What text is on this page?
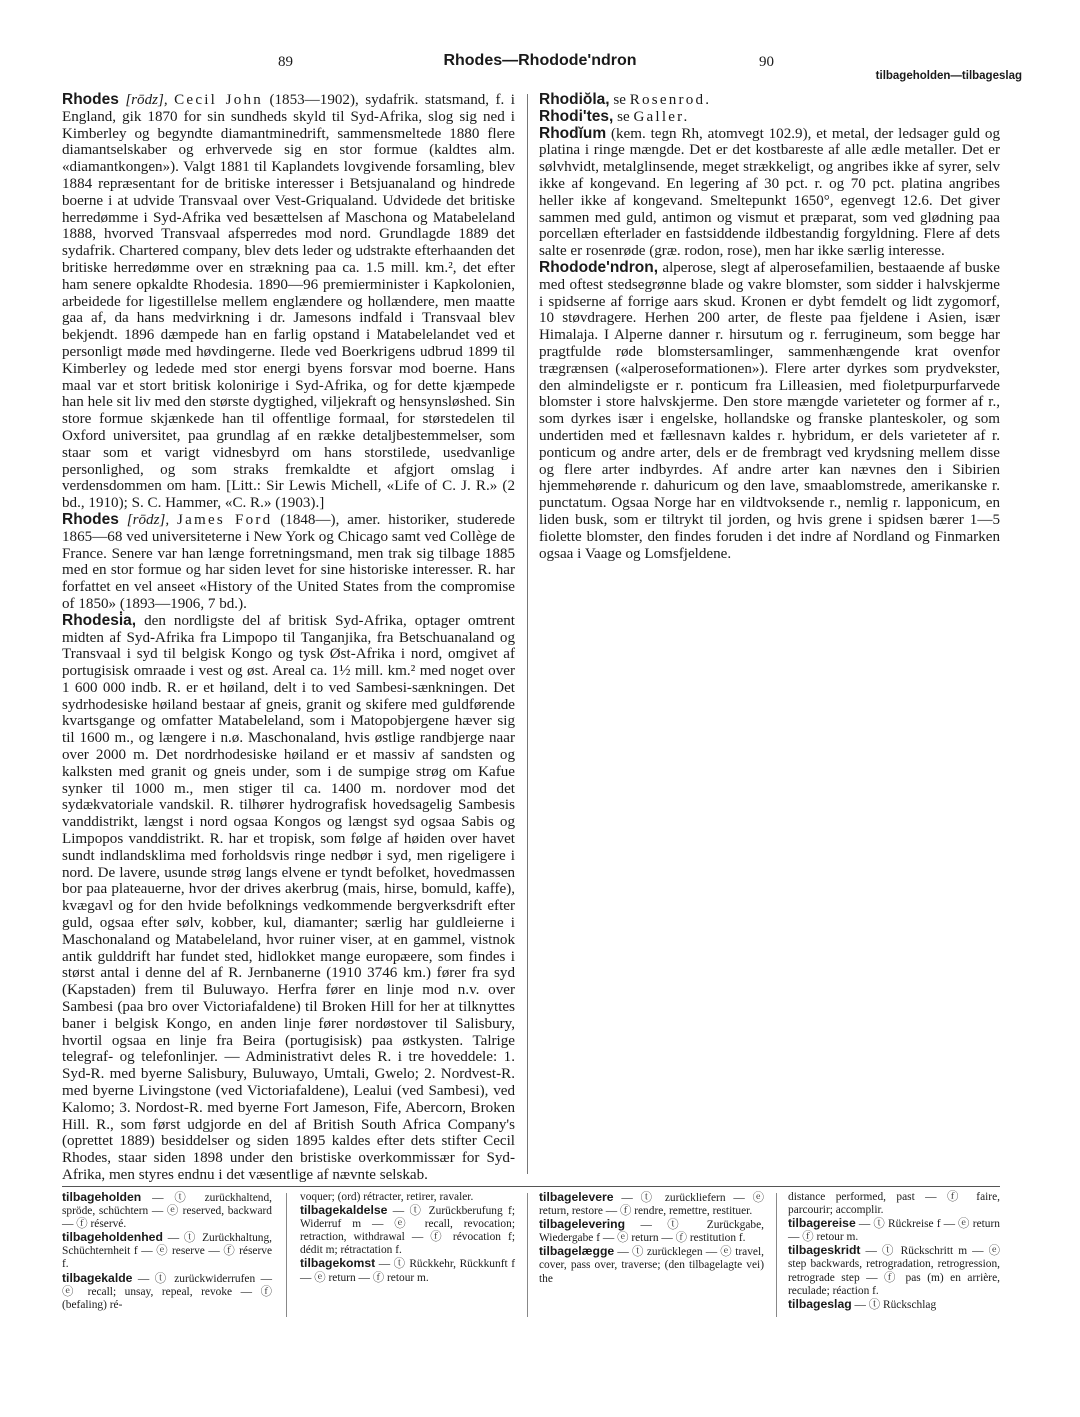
89	Rhodes—Rhodode'ndron	90
tilbageholden—tilbageslag

Rhodes [rōdz], Cecil John (1853—1902), sydafrik. statsmand, f. i England, gik 1870 for sin sundheds skyld til Syd-Afrika, slog sig ned i Kimberley og begyndte diamantminedrift, sammensmeltede 1880 flere diamantselskaber og erhvervede sig en stor formue (kaldtes alm. «diamantkongen»). Valgt 1881 til Kaplandets lovgivende forsamling, blev 1884 repræsentant for de britiske interesser i Betsjuanaland og hindrede boerne i at udvide Transvaal over Vest-Griqualand. Udvidede det britiske herredømme i Syd-Afrika ved besættelsen af Maschona og Matabeleland 1888, hvorved Transvaal afsperredes mod nord. Grundlagde 1889 det sydafrik. Chartered company, blev dets leder og udstrakte efterhaanden det britiske herredømme over en strækning paa ca. 1.5 mill. km.², det efter ham senere opkaldte Rhodesia. 1890—96 premierminister i Kapkolonien, arbeidede for ligestillelse mellem englændere og hollændere, men maatte gaa af, da hans medvirkning i dr. Jamesons indfald i Transvaal blev bekjendt. 1896 dæmpede han en farlig opstand i Matabelelandet ved et personligt møde med høvdingerne. Ilede ved Boerkrigens udbrud 1899 til Kimberley og ledede med stor energi byens forsvar mod boerne. Hans maal var et stort britisk kolonirige i Syd-Afrika, og for dette kjæmpede han hele sit liv med den største dygtighed, viljekraft og hensynsløshed. Sin store formue skjænkede han til offentlige formaal, for størstedelen til Oxford universitet, paa grundlag af en række detaljbestemmelser, som staar som et varigt vidnesbyrd om hans storstilede, usedvanlige personlighed, og som straks fremkaldte et afgjort omslag i verdensdommen om ham. [Litt.: Sir Lewis Michell, «Life of C. J. R.» (2 bd., 1910); S. C. Hammer, «C. R.» (1903).]

Rhodes [rōdz], James Ford (1848—), amer. historiker, studerede 1865—68 ved universiteterne i New York og Chicago samt ved Collège de France. Senere var han længe forretningsmand, men trak sig tilbage 1885 med en stor formue og har siden levet for sine historiske interesser. R. har forfattet en vel anseet «History of the United States from the compromise of 1850» (1893—1906, 7 bd.).

Rhodesi̇a, den nordligste del af britisk Syd-Afrika, optager omtrent midten af Syd-Afrika fra Limpopo til Tanganjika, fra Betschuanaland og Transvaal i syd til belgisk Kongo og tysk Øst-Afrika i nord, omgivet af portugisisk omraade i vest og øst. Areal ca. 1½ mill. km.² med noget over 1 600 000 indb. R. er et høiland, delt i to ved Sambesi-sænkningen. Det sydrhodesiske høiland bestaar af gneis, granit og skifere med guldførende kvartsgange og omfatter Matabeleland, som i Matopobjergene hæver sig til 1600 m., og længere i n.ø. Maschonaland, hvis østlige randbjerge naar over 2000 m. Det nordrhodesiske høiland er et massiv af sandsten og kalksten med granit og gneis under, som i de sumpige strøg om Kafue synker til 1000 m., men stiger til ca. 1400 m. nordover mod det sydækvatoriale vandskil. R. tilhører hydrografisk hovedsagelig Sambesis vanddistrikt, længst i nord ogsaa Kongos og længst syd ogsaa Sabis og Limpopos vanddistrikt. R. har et tropisk, som følge af høiden over havet sundt indlandsklima med forholdsvis ringe nedbør i syd, men rigeligere i nord. De lavere, usunde strøg langs elvene er tyndt befolket, hovedmassen bor paa plateauerne, hvor der drives akerbrug (mais, hirse, bomuld, kaffe), kvægavl og for den hvide befolknings vedkommende bergverksdrift efter guld, ogsaa efter sølv, kobber, kul, diamanter; særlig har guldleierne i Maschonaland og Matabeleland, hvor ruiner viser, at en gammel, vistnok antik gulddrift har fundet sted, hidlokket mange europæere, som findes i størst antal i denne del af R. Jernbanerne (1910 3746 km.) fører fra syd (Kapstaden) frem til Buluwayo. Herfra fører en linje mod n.v. over Sambesi (paa bro over Victoriafaldene) til Broken Hill for her at tilknyttes baner i belgisk Kongo, en anden linje fører nordøstover til Salisbury, hvortil ogsaa en linje fra Beira (portugisisk) paa østkysten. Talrige telegraf- og telefonlinjer. — Administrativt deles R. i tre hoveddele: 1. Syd-R. med byerne Salisbury, Buluwayo, Umtali, Gwelo; 2. Nordvest-R. med byerne Livingstone (ved Victoriafaldene), Lealui (ved Sambesi), ved Kalomo; 3. Nordost-R. med byerne Fort Jameson, Fife, Abercorn, Broken Hill. R., som først udgjorde en del af British South Africa Company's (oprettet 1889) besiddelser og siden 1895 kaldes efter dets stifter Cecil Rhodes, staar siden 1898 under den bristiske overkommissær for Syd-Afrika, men styres endnu i det væsentlige af nævnte selskab.

Rhodiŏla, se Rosenrod.

Rhodi'tes, se Galler.

Rhodĭum (kem. tegn Rh, atomvegt 102.9), et metal, der ledsager guld og platina i ringe mængde. Det er det kostbareste af alle ædle metaller. Det er sølvhvidt, metalglinsende, meget strækkeligt, og angribes ikke af syrer, selv ikke af kongevand. En legering af 30 pct. r. og 70 pct. platina angribes heller ikke af kongevand. Smeltepunkt 1650°, egenvegt 12.6. Det giver sammen med guld, antimon og vismut et præparat, som ved glødning paa porcellæn efterlader en fastsiddende ildbestandig forgyldning. Flere af dets salte er rosenrøde (græ. rodon, rose), men har ikke særlig interesse.

Rhodode'ndron, alperose, slegt af alperosefamilien, bestaaende af buske med oftest stedsegrønne blade og vakre blomster, som sidder i halvskjerme i spidserne af forrige aars skud. Kronen er dybt femdelt og lidt zygomorf, 10 støvdragere. Herhen 200 arter, de fleste paa fjeldene i Asien, især Himalaja. I Alperne danner r. hirsutum og r. ferrugineum, som begge har pragtfulde røde blomstersamlinger, sammenhængende krat ovenfor trægrænsen («alperoseformationen»). Flere arter dyrkes som prydvekster, den almindeligste er r. ponticum fra Lilleasien, med fioletpurpurfarvede blomster i store halvskjerme. Den store mængde varieteter og former af r., som dyrkes især i engelske, hollandske og franske planteskoler, og som undertiden med et fællesnavn kaldes r. hybridum, er dels varieteter af r. ponticum og andre arter, dels er de frembragt ved krydsning mellem disse og flere arter indbyrdes. Af andre arter kan nævnes den i Sibirien hjemmehørende r. dahuricum og den lave, smaablomstrede, amerikanske r. punctatum. Ogsaa Norge har en vildtvoksende r., nemlig r. lapponicum, en liden busk, som er tiltrykt til jorden, og hvis grene i spidsen bærer 1—5 fiolette blomster, den findes foruden i det indre af Nordland og Finmarken ogsaa i Vaage og Lomsfjeldene.

tilbageholden — ⓣ zurückhaltend, spröde, schüchtern — ⓔ reserved, backward — ⓕ réservé.

tilbageholdenhed — ⓣ Zurückhaltung, Schüchternheit f — ⓔ reserve — ⓕ réserve f.

tilbagekalde — ⓣ zurückwiderrufen — ⓔ recall; unsay, repeal, revoke — ⓕ (befaling) ré-

voquer; (ord) rétracter, retirer, ravaler.

tilbagekaldelse — ⓣ Zurückberufung f; Widerruf m — ⓔ recall, revocation; retraction, withdrawal — ⓕ révocation f; dédit m; rétractation f.

tilbagekomst — ⓣ Rückkehr, Rückkunft f — ⓔ return — ⓕ retour m.

tilbagelevere — ⓣ zurückliefern — ⓔ return, restore — ⓕ rendre, remettre, restituer.

tilbagelevering — ⓣ Zurückgabe, Wiedergabe f — ⓔ return — ⓕ restitution f.

tilbagelægge — ⓣ zurücklegen — ⓔ travel, cover, pass over, traverse; (den tilbagelagte vei) the

distance performed, past — ⓕ faire, parcourir; accomplir.

tilbagereise — ⓣ Rückreise f — ⓔ return — ⓕ retour m.

tilbageskridt — ⓣ Rückschritt m — ⓔ step backwards, retrogradation, retrogression, retrograde step — ⓕ pas (m) en arrière, reculade; réaction f.

tilbageslag — ⓣ Rückschlag
